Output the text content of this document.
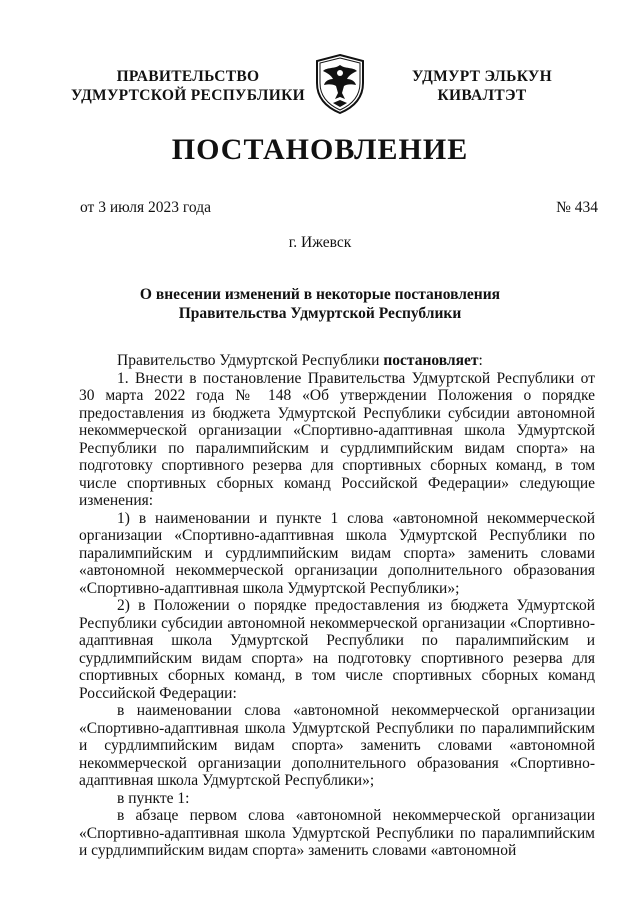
ПРАВИТЕЛЬСТВО
УДМУРТСКОЙ РЕСПУБЛИКИ
УДМУРТ ЭЛЬКУН
КИВАЛТЭТ
ПОСТАНОВЛЕНИЕ
от 3 июля 2023 года	№ 434
г. Ижевск
О внесении изменений в некоторые постановления
Правительства Удмуртской Республики

Правительство Удмуртской Республики постановляет:

1. Внести в постановление Правительства Удмуртской Республики от 30 марта 2022 года № 148 «Об утверждении Положения о порядке предоставления из бюджета Удмуртской Республики субсидии автономной некоммерческой организации «Спортивно-адаптивная школа Удмуртской Республики по паралимпийским и сурдлимпийским видам спорта» на подготовку спортивного резерва для спортивных сборных команд, в том числе спортивных сборных команд Российской Федерации» следующие изменения:

1) в наименовании и пункте 1 слова «автономной некоммерческой организации «Спортивно-адаптивная школа Удмуртской Республики по паралимпийским и сурдлимпийским видам спорта» заменить словами «автономной некоммерческой организации дополнительного образования «Спортивно-адаптивная школа Удмуртской Республики»;

2) в Положении о порядке предоставления из бюджета Удмуртской Республики субсидии автономной некоммерческой организации «Спортивно-адаптивная школа Удмуртской Республики по паралимпийским и сурдлимпийским видам спорта» на подготовку спортивного резерва для спортивных сборных команд, в том числе спортивных сборных команд Российской Федерации:

в наименовании слова «автономной некоммерческой организации «Спортивно-адаптивная школа Удмуртской Республики по паралимпийским и сурдлимпийским видам спорта» заменить словами «автономной некоммерческой организации дополнительного образования «Спортивно-адаптивная школа Удмуртской Республики»;

в пункте 1:

в абзаце первом слова «автономной некоммерческой организации «Спортивно-адаптивная школа Удмуртской Республики по паралимпийским и сурдлимпийским видам спорта» заменить словами «автономной
